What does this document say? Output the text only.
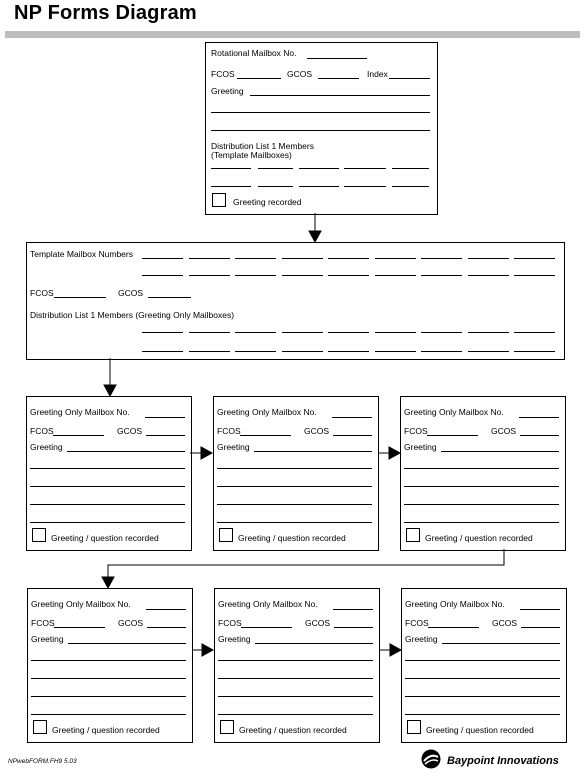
NP Forms Diagram
Rotational Mailbox No.
FCOS	GCOS	Index
Greeting
Distribution List 1 Members
(Template Mailboxes)
Greeting recorded
Template Mailbox Numbers
FCOS	GCOS
Distribution List 1 Members (Greeting Only Mailboxes)
Greeting Only Mailbox No.
FCOS	GCOS
Greeting
Greeting / question recorded
Greeting Only Mailbox No.
FCOS	GCOS
Greeting
Greeting / question recorded
Greeting Only Mailbox No.
FCOS	GCOS
Greeting
Greeting / question recorded
Greeting Only Mailbox No.
FCOS	GCOS
Greeting
Greeting / question recorded
Greeting Only Mailbox No.
FCOS	GCOS
Greeting
Greeting / question recorded
Greeting Only Mailbox No.
FCOS	GCOS
Greeting
Greeting / question recorded
NPwebFORM.FH9 5.03	Baypoint Innovations
